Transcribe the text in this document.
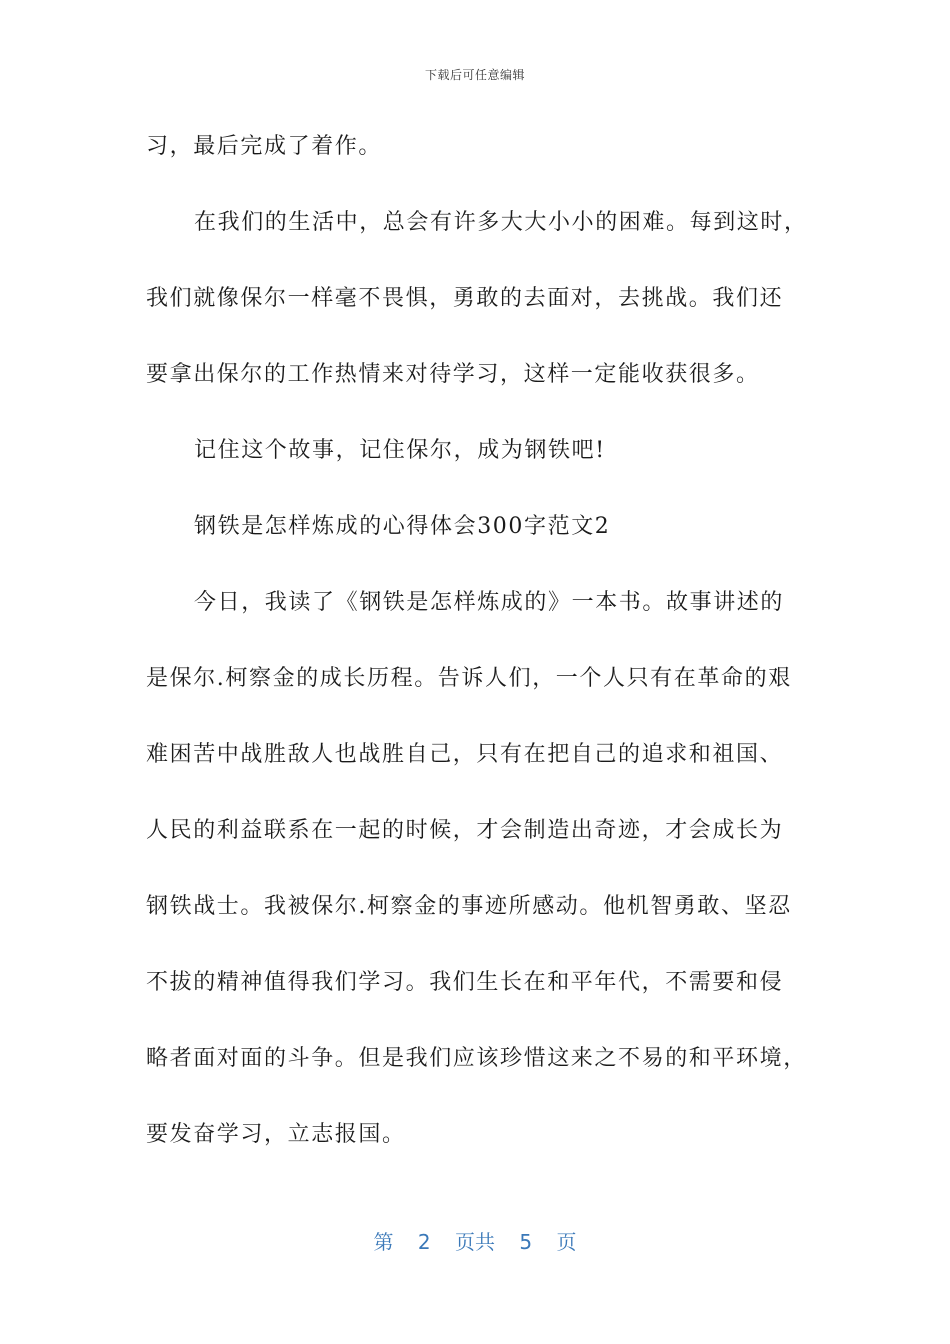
下载后可任意编辑
习，最后完成了着作。
在我们的生活中，总会有许多大大小小的困难。每到这时，
我们就像保尔一样毫不畏惧，勇敢的去面对，去挑战。我们还
要拿出保尔的工作热情来对待学习，这样一定能收获很多。
记住这个故事，记住保尔，成为钢铁吧!
钢铁是怎样炼成的心得体会300字范文2
今日，我读了《钢铁是怎样炼成的》一本书。故事讲述的
是保尔.柯察金的成长历程。告诉人们，一个人只有在革命的艰
难困苦中战胜敌人也战胜自己，只有在把自己的追求和祖国、
人民的利益联系在一起的时候，才会制造出奇迹，才会成长为
钢铁战士。我被保尔.柯察金的事迹所感动。他机智勇敢、坚忍
不拔的精神值得我们学习。我们生长在和平年代，不需要和侵
略者面对面的斗争。但是我们应该珍惜这来之不易的和平环境，
要发奋学习，立志报国。
第 2 页共 5 页
